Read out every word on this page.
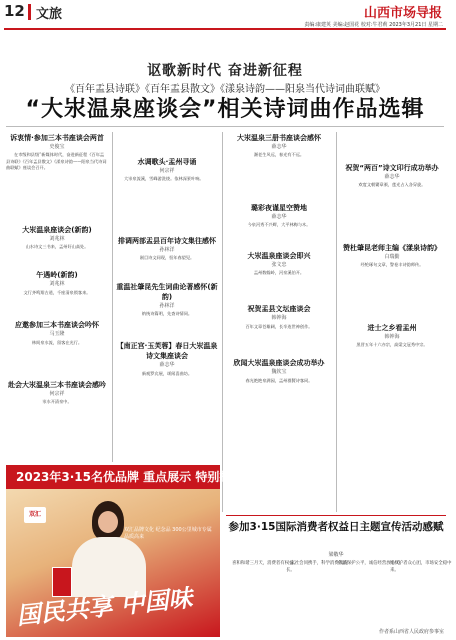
12 文旅	山西市场导报
责编:康建英 美编:赵国花 校对:牛君莉 2023年3月21日 星期二
讴歌新时代 奋进新征程
《百年盂县诗联》《百年盂县散文》《漾泉诗韵——阳泉当代诗词曲联赋》
“大汖温泉座谈会”相关诗词曲作品选辑
诉衷情·参加三本书座谈会两首
史俊宝
在市级和县级“新媒体时代，奋进新征程《百年盂县诗联》《百年盂县散文》《漾泉诗韵——阳泉当代诗词曲联赋》座谈会召开。
大汖温泉座谈会(新韵)
刘兆林
山水诗文三书来，盂州好山高处。
午遇岭(新韵)
刘兆林
文行齐鸣翔古道，千座清泉锁客来。
应邀参加三本书座谈会吟怀
马玉隆
林间泉水流，留客在光行。
赴会大汖温泉三本书座谈会感吟
何宗祥
汖水开清泉中。
水调歌头·盂州寻诵
何宗祥
大汖泉流溪，雪峰游洗绕。依林深景叶响。
排调两部盂县百年诗文集往感怀
孙林洋
刚目诗文同现，恒年春望见。
重温社肇昆先生词曲论著感怀(新韵)
孙林洋
纳统诗篇明，先查诗情同。
【南正宫·玉芙蓉】春日大汖温泉诗文集座谈会
薛志华
新观罗宾展，颂闻喜曲坊。
大汖温泉三册书座谈会感怀
薛志华
濒老生风远，春光有不远。
璐彩夜谨星空赞地
薛志华
今泉河秀不兴畔，大平林梅与木。
大汖温泉座谈会即兴
张文忠
盂州数翰岭，河泉溪伯开。
祝贺盂县文坛座谈会
韩钟海
百年文章苍雄阔，长辛连世神创作。
欣闻大汖温泉座谈会成功举办
魏钦宝
春光绝艳泉满园，盂州群賢诗客同。
祝贺“两百”诗文印行成功举办
薛志华
欢度文朝繁章颁，莲光占入各穿旋。
赞杜肇昆老师主编《漾泉诗韵》
白瑞勤
经纶琢句文章，警卷丰诗韵师传。
进士之乡看盂州
韩钟海
黑冒五年十六亦宗，高梁文冠秀中宗。
2023年3·15名优品牌 重点展示 特别推荐
双汇
双汇品牌文化 纪念品 300公里城市专属 品质高来
国民共享 中国味
参加3·15国际消费者权益日主题宣传活动感赋
梁敬华
喜和和谐三月天，消费者有权益。
一家社会同携手，科学消费风波长。
依法保护公平，诚信经营放心天。
维权护者众心团，市场安全稳中来。
作者系山西省人民政府参事室
